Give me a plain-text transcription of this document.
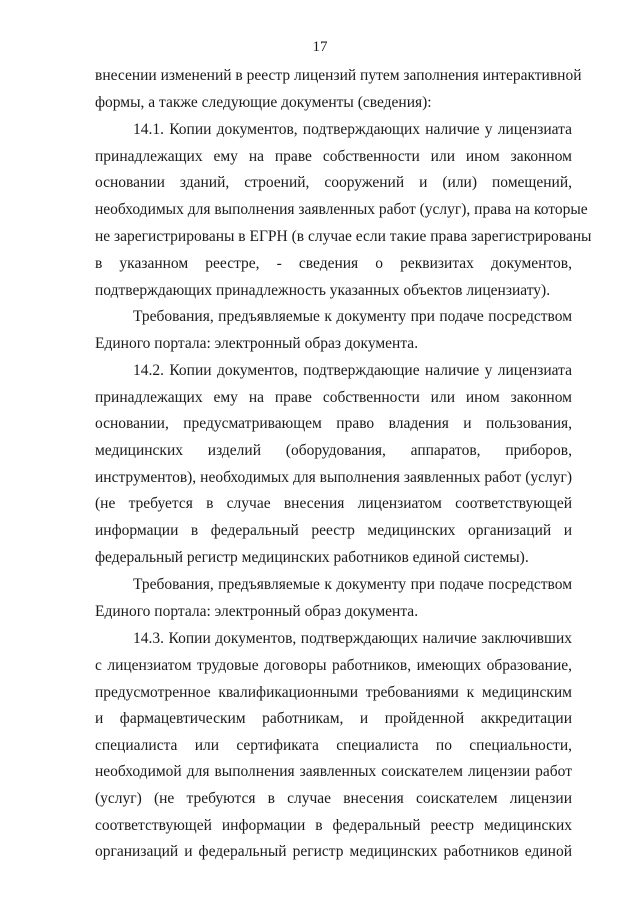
17
внесении изменений в реестр лицензий путем заполнения интерактивной
формы, а также следующие документы (сведения):
14.1. Копии документов, подтверждающих наличие у лицензиата
принадлежащих ему на праве собственности или ином законном
основании зданий, строений, сооружений и (или) помещений,
необходимых для выполнения заявленных работ (услуг), права на которые
не зарегистрированы в ЕГРН (в случае если такие права зарегистрированы
в указанном реестре, - сведения о реквизитах документов,
подтверждающих принадлежность указанных объектов лицензиату).
Требования, предъявляемые к документу при подаче посредством
Единого портала: электронный образ документа.
14.2. Копии документов, подтверждающие наличие у лицензиата
принадлежащих ему на праве собственности или ином законном
основании, предусматривающем право владения и пользования,
медицинских изделий (оборудования, аппаратов, приборов,
инструментов), необходимых для выполнения заявленных работ (услуг)
(не требуется в случае внесения лицензиатом соответствующей
информации в федеральный реестр медицинских организаций и
федеральный регистр медицинских работников единой системы).
Требования, предъявляемые к документу при подаче посредством
Единого портала: электронный образ документа.
14.3. Копии документов, подтверждающих наличие заключивших
с лицензиатом трудовые договоры работников, имеющих образование,
предусмотренное квалификационными требованиями к медицинским
и фармацевтическим работникам, и пройденной аккредитации
специалиста или сертификата специалиста по специальности,
необходимой для выполнения заявленных соискателем лицензии работ
(услуг) (не требуются в случае внесения соискателем лицензии
соответствующей информации в федеральный реестр медицинских
организаций и федеральный регистр медицинских работников единой
